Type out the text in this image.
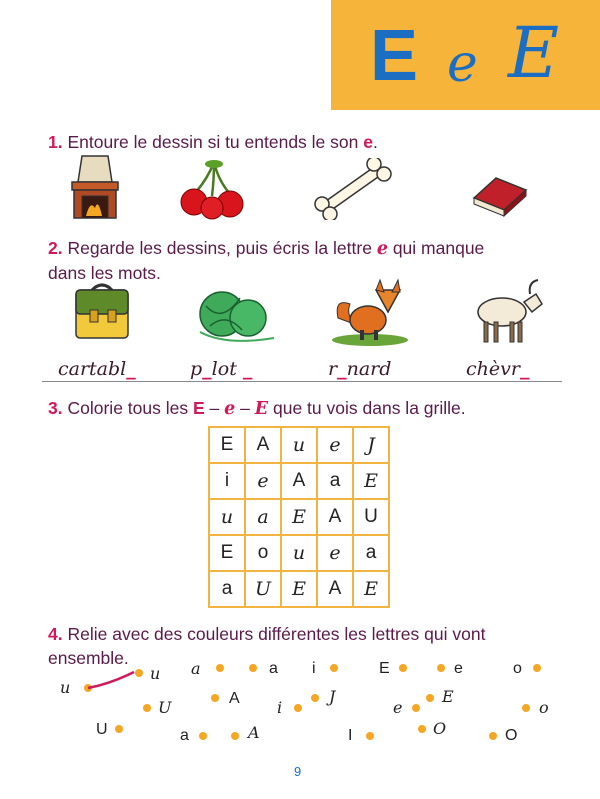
E e E
1. Entoure le dessin si tu entends le son e.
2. Regarde les dessins, puis écris la lettre e qui manque
dans les mots.
cartabl_	p_lot _	r_nard	chèvr_
3. Colorie tous les E – e – E que tu vois dans la grille.
E	A	u	e	J
i	e	A	a	E
u	a	E	A	U
E	o	u	e	a
a	U	E	A	E
4. Relie avec des couleurs différentes les lettres qui vont
ensemble.
a	a i	E	e	o
u
u
U	A i
J
e
E
o
U	a	A	I	O	O
9
